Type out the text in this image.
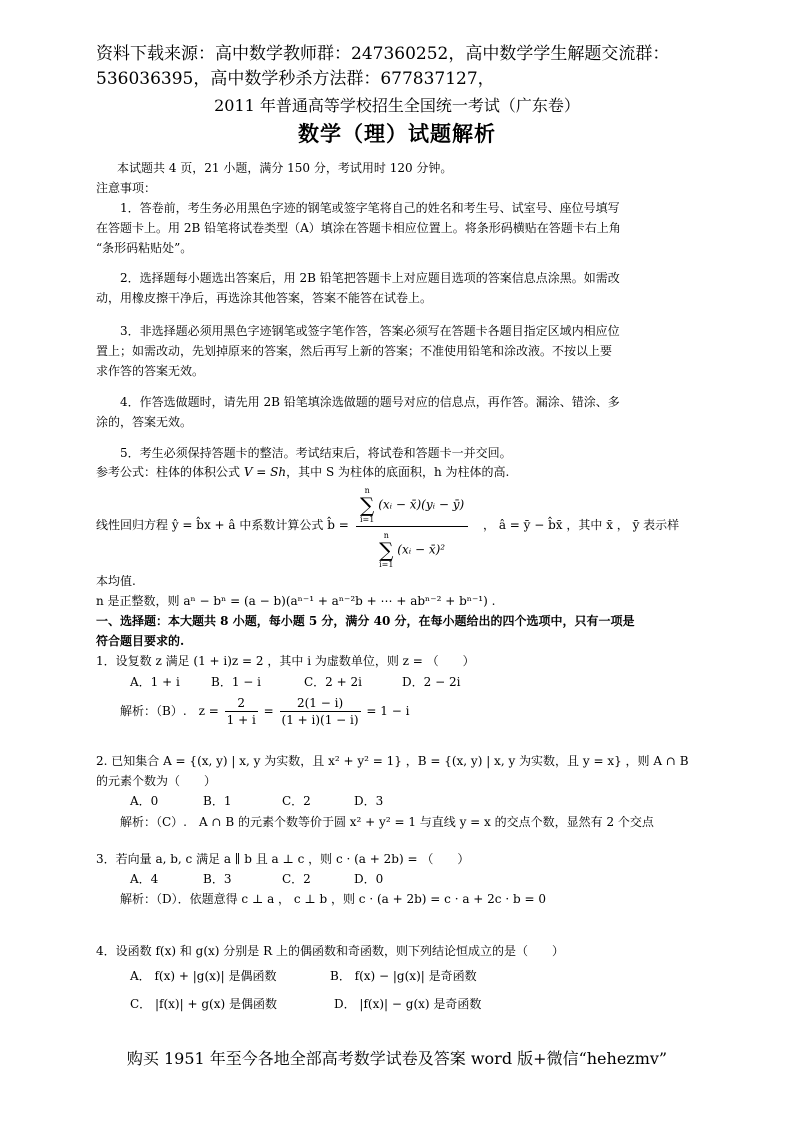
资料下载来源：高中数学教师群：247360252，高中数学学生解题交流群：
536036395，高中数学秒杀方法群：677837127，
2011 年普通高等学校招生全国统一考试（广东卷）
数学（理）试题解析
本试题共 4 页，21 小题，满分 150 分，考试用时 120 分钟。
注意事项：
1．答卷前，考生务必用黑色字迹的钢笔或签字笔将自己的姓名和考生号、试室号、座位号填写
在答题卡上。用 2B 铅笔将试卷类型（A）填涂在答题卡相应位置上。将条形码横贴在答题卡右上角
“条形码粘贴处”。
2．选择题每小题选出答案后，用 2B 铅笔把答题卡上对应题目选项的答案信息点涂黑。如需改
动，用橡皮擦干净后，再选涂其他答案，答案不能答在试卷上。
3．非选择题必须用黑色字迹钢笔或签字笔作答，答案必须写在答题卡各题目指定区域内相应位
置上；如需改动，先划掉原来的答案，然后再写上新的答案；不准使用铅笔和涂改液。不按以上要
求作答的答案无效。
4．作答选做题时，请先用 2B 铅笔填涂选做题的题号对应的信息点，再作答。漏涂、错涂、多
涂的，答案无效。
5．考生必须保持答题卡的整洁。考试结束后，将试卷和答题卡一并交回。
参考公式：柱体的体积公式 V = Sh，其中 S 为柱体的底面积，h 为柱体的高.
线性回归方程 ŷ = b̂x + â 中系数计算公式 b̂ = n
∑
i=1
(xᵢ − x̄)(yᵢ − ȳ)
n
∑
i=1
(xᵢ − x̄)² ， â = ȳ − b̂x̄ ，其中 x̄ ， ȳ 表示样
本均值.
n 是正整数，则 aⁿ − bⁿ = (a − b)(aⁿ⁻¹ + aⁿ⁻²b + ⋯ + abⁿ⁻² + bⁿ⁻¹) .
一、选择题：本大题共 8 小题，每小题 5 分，满分 40 分，在每小题给出的四个选项中，只有一项是
符合题目要求的.
1．设复数 z 满足 (1 + i)z = 2 ，其中 i 为虚数单位，则 z = （　　）
A．1 + i	B．1 − i	C．2 + 2i	D．2 − 2i
解析：（B）.　$z = \frac{2}{1 + i} = \frac{2(1 - i)}{(1 + i)(1 - i)} = 1 - i$
2. 已知集合 A = {(x, y) | x, y 为实数，且 x² + y² = 1} ，B = {(x, y) | x, y 为实数，且 y = x} ，则 A ∩ B
的元素个数为（　　）
A．0	B．1	C．2	D．3
解析：（C）.　A ∩ B 的元素个数等价于圆 x² + y² = 1 与直线 y = x 的交点个数，显然有 2 个交点
3．若向量 a, b, c 满足 a ∥ b 且 a ⊥ c ，则 c · (a + 2b) = （　　）
A．4	B．3	C．2	D．0
解析：（D）．依题意得 c ⊥ a ， c ⊥ b ，则 c · (a + 2b) = c · a + 2c · b = 0
4．设函数 f(x) 和 g(x) 分别是 R 上的偶函数和奇函数，则下列结论恒成立的是（　　）
A． f(x) + |g(x)| 是偶函数	B． f(x) − |g(x)| 是奇函数
C． |f(x)| + g(x) 是偶函数	D． |f(x)| − g(x) 是奇函数
购买 1951 年至今各地全部高考数学试卷及答案 word 版+微信“hehezmv”
